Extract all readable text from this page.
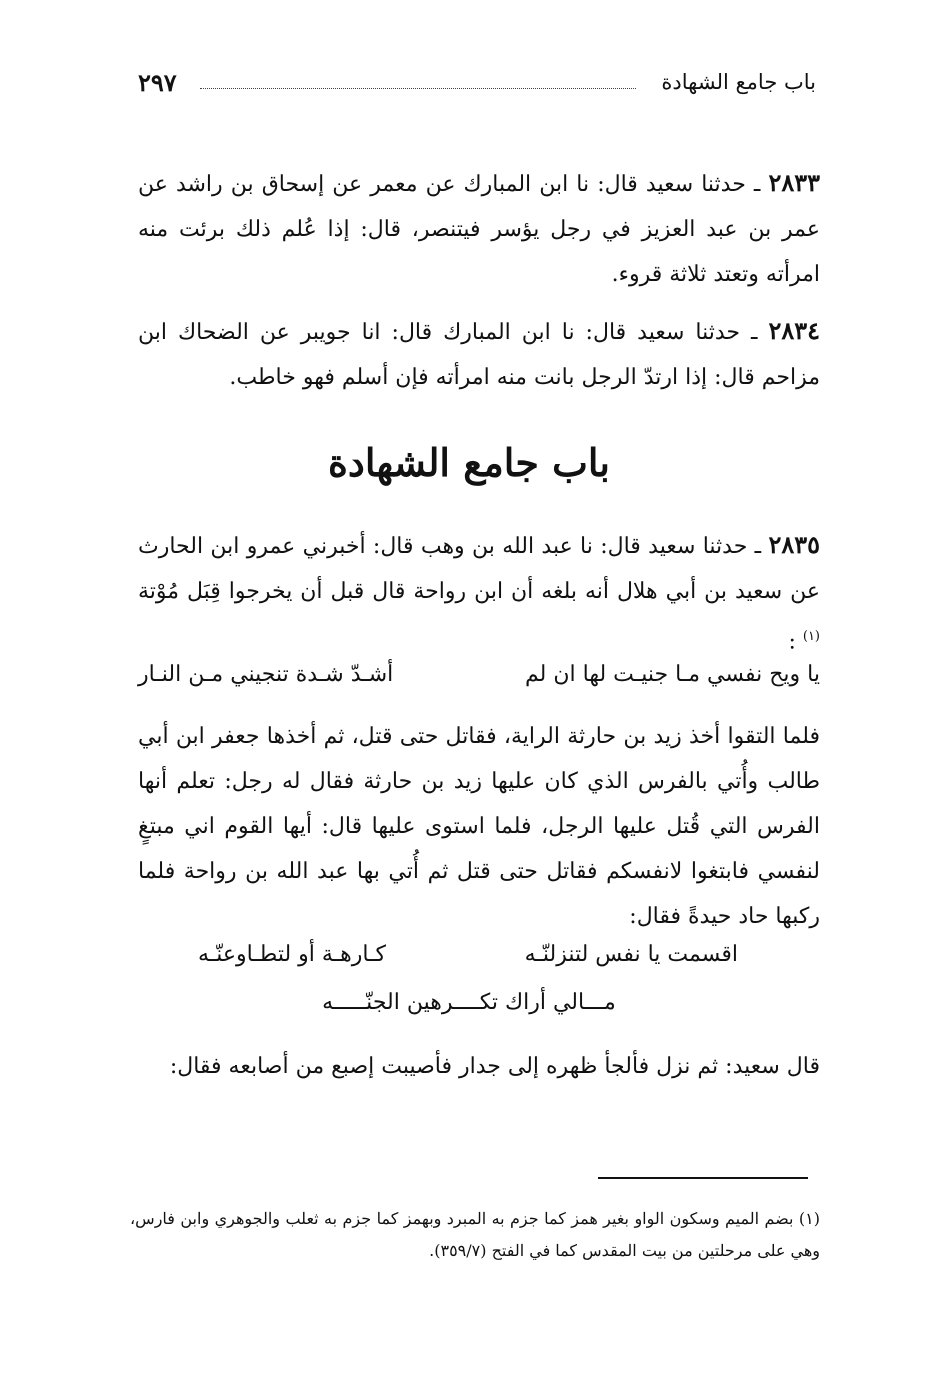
باب جامع الشهادة
٢٩٧
٢٨٣٣ ـ حدثنا سعيد قال: نا ابن المبارك عن معمر عن إسحاق بن راشد عن عمر بن عبد العزيز في رجل يؤسر فيتنصر، قال: إذا عُلم ذلك برئت منه امرأته وتعتد ثلاثة قروء.
٢٨٣٤ ـ حدثنا سعيد قال: نا ابن المبارك قال: انا جويبر عن الضحاك ابن مزاحم قال: إذا ارتدّ الرجل بانت منه امرأته فإن أسلم فهو خاطب.
باب جامع الشهادة
٢٨٣٥ ـ حدثنا سعيد قال: نا عبد الله بن وهب قال: أخبرني عمرو ابن الحارث عن سعيد بن أبي هلال أنه بلغه أن ابن رواحة قال قبل أن يخرجوا قِبَل مُوْتة $^{(١)}$ :
يا ويح نفسي مـا جنيـت لها ان لم
أشـدّ شـدة تنجيني مـن النـار
فلما التقوا أخذ زيد بن حارثة الراية، فقاتل حتى قتل، ثم أخذها جعفر ابن أبي طالب وأُتي بالفرس الذي كان عليها زيد بن حارثة فقال له رجل: تعلم أنها الفرس التي قُتل عليها الرجل، فلما استوى عليها قال: أيها القوم اني مبتغٍ لنفسي فابتغوا لانفسكم فقاتل حتى قتل ثم أُتي بها عبد الله بن رواحة فلما ركبها حاد حيدةً فقال:
اقسمت يا نفس لتنزلنّـه
كـارهـة أو لتطـاوعنّـه
مـــالي أراك تكــــرهين الجنّـــــه
قال سعيد: ثم نزل فألجأ ظهره إلى جدار فأصيبت إصبع من أصابعه فقال:
(١) بضم الميم وسكون الواو بغير همز كما جزم به المبرد وبهمز كما جزم به ثعلب والجوهري وابن فارس، وهي على مرحلتين من بيت المقدس كما في الفتح (٣٥٩/٧).
